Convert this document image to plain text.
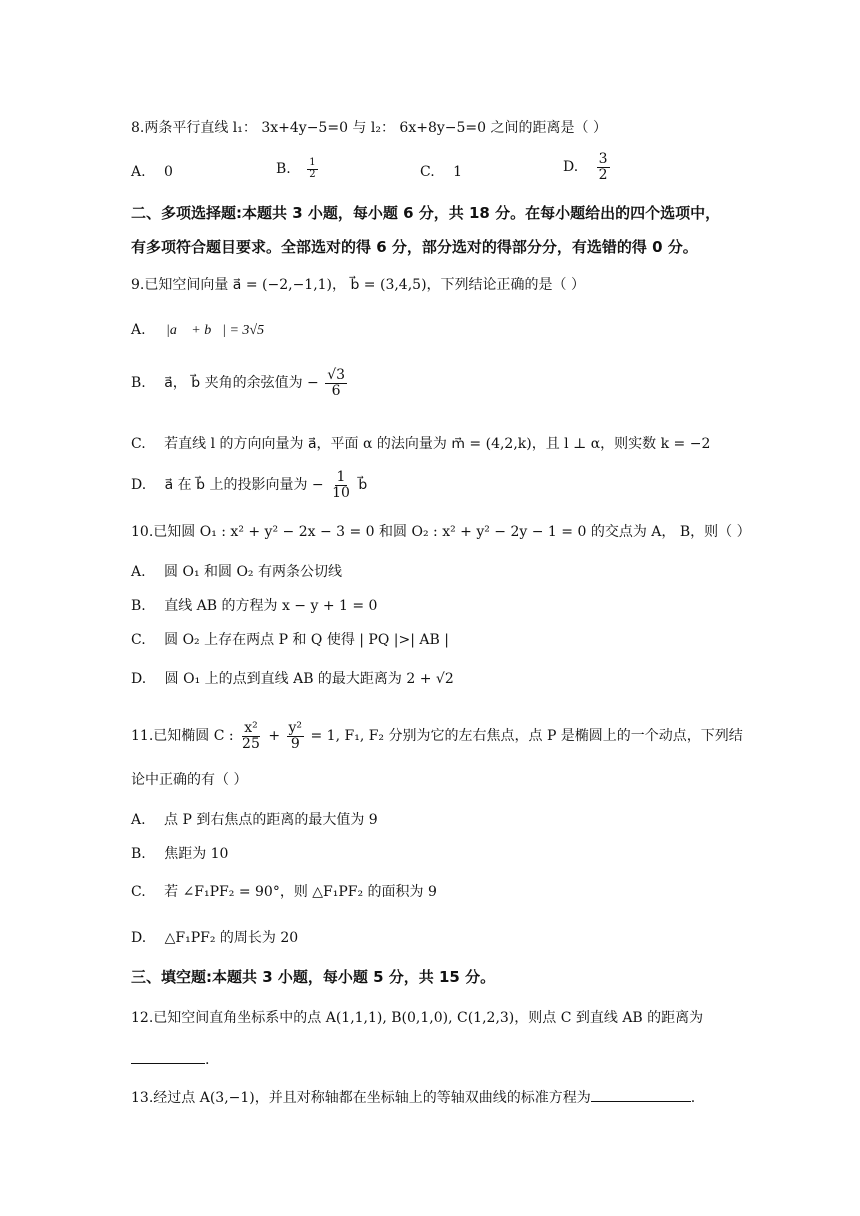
8.两条平行直线 l₁： 3x+4y−5=0 与 l₂： 6x+8y−5=0 之间的距离是（ ）
A. 0	B. $\frac{1}{2}$	C. 1	D. $\frac{3}{2}$
二、多项选择题:本题共 3 小题，每小题 6 分，共 18 分。在每小题给出的四个选项中，
有多项符合题目要求。全部选对的得 6 分，部分选对的得部分分，有选错的得 0 分。
9.已知空间向量 a⃗ = (−2,−1,1)， b⃗ = (3,4,5)，下列结论正确的是（ ）
A. |a⃗ + b⃗| = 3√5
B. a⃗， b⃗ 夹角的余弦值为 − $\frac{√3}{6}$
C. 若直线 l 的方向向量为 a⃗，平面 α 的法向量为 m⃗ = (4,2,k)，且 l ⊥ α，则实数 k = −2
D. a⃗ 在 b⃗ 上的投影向量为 − $\frac{1}{10}$ b⃗
10.已知圆 O₁ : x² + y² − 2x − 3 = 0 和圆 O₂ : x² + y² − 2y − 1 = 0 的交点为 A， B，则（ ）
A. 圆 O₁ 和圆 O₂ 有两条公切线
B. 直线 AB 的方程为 x − y + 1 = 0
C. 圆 O₂ 上存在两点 P 和 Q 使得 | PQ |>| AB |
D. 圆 O₁ 上的点到直线 AB 的最大距离为 2 + √2
11.已知椭圆 C : $\frac{\text{x²}}{25} + \frac{\text{y²}}{9} = 1$, F₁, F₂ 分别为它的左右焦点，点 P 是椭圆上的一个动点，下列结
论中正确的有（ ）
A. 点 P 到右焦点的距离的最大值为 9
B. 焦距为 10
C. 若 ∠F₁PF₂ = 90°，则 △F₁PF₂ 的面积为 9
D. △F₁PF₂ 的周长为 20
三、填空题:本题共 3 小题，每小题 5 分，共 15 分。
12.已知空间直角坐标系中的点 A(1,1,1), B(0,1,0), C(1,2,3)，则点 C 到直线 AB 的距离为
.
13.经过点 A(3,−1)，并且对称轴都在坐标轴上的等轴双曲线的标准方程为	.
